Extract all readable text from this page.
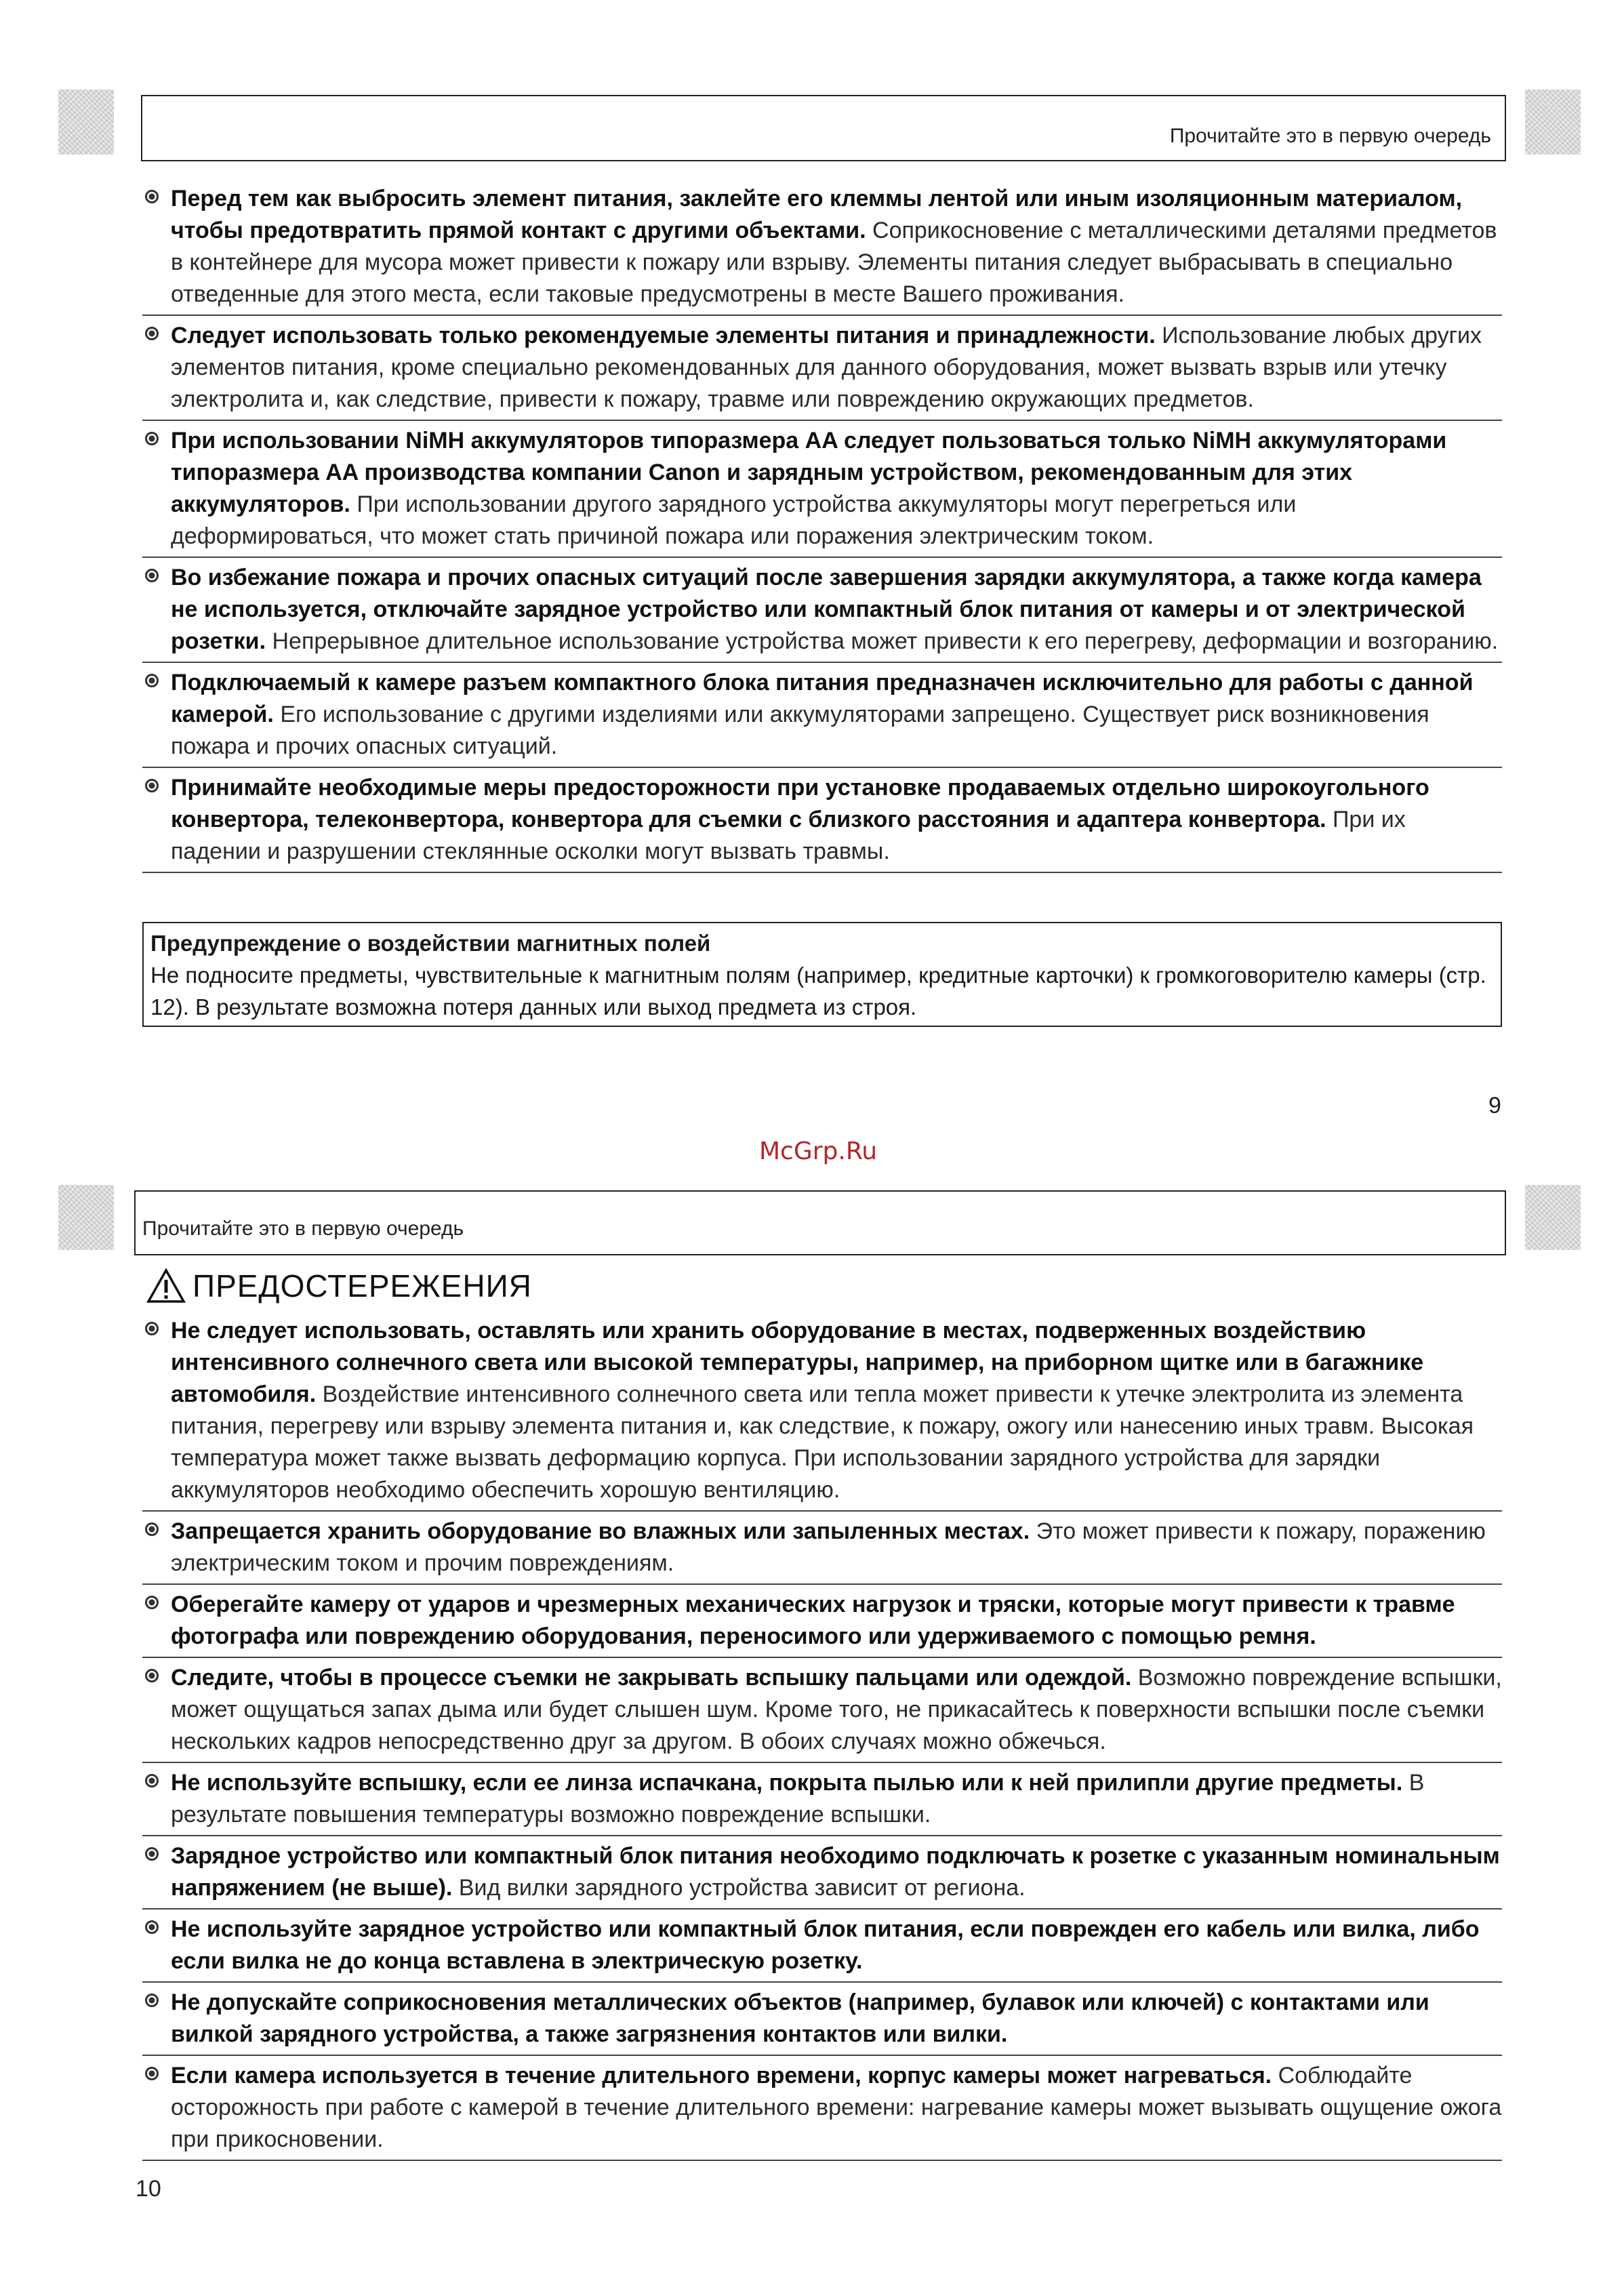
Прочитайте это в первую очередь
Перед тем как выбросить элемент питания, заклейте его клеммы лентой или иным изоляционным материалом, чтобы предотвратить прямой контакт с другими объектами. Соприкосновение с металлическими деталями предметов в контейнере для мусора может привести к пожару или взрыву. Элементы питания следует выбрасывать в специально отведенные для этого места, если таковые предусмотрены в месте Вашего проживания.
Следует использовать только рекомендуемые элементы питания и принадлежности. Использование любых других элементов питания, кроме специально рекомендованных для данного оборудования, может вызвать взрыв или утечку электролита и, как следствие, привести к пожару, травме или повреждению окружающих предметов.
При использовании NiMH аккумуляторов типоразмера AA следует пользоваться только NiMH аккумуляторами типоразмера AA производства компании Canon и зарядным устройством, рекомендованным для этих аккумуляторов. При использовании другого зарядного устройства аккумуляторы могут перегреться или деформироваться, что может стать причиной пожара или поражения электрическим током.
Во избежание пожара и прочих опасных ситуаций после завершения зарядки аккумулятора, а также когда камера не используется, отключайте зарядное устройство или компактный блок питания от камеры и от электрической розетки. Непрерывное длительное использование устройства может привести к его перегреву, деформации и возгоранию.
Подключаемый к камере разъем компактного блока питания предназначен исключительно для работы с данной камерой. Его использование с другими изделиями или аккумуляторами запрещено. Существует риск возникновения пожара и прочих опасных ситуаций.
Принимайте необходимые меры предосторожности при установке продаваемых отдельно широкоугольного конвертора, телеконвертора, конвертора для съемки с близкого расстояния и адаптера конвертора. При их падении и разрушении стеклянные осколки могут вызвать травмы.
Предупреждение о воздействии магнитных полей
Не подносите предметы, чувствительные к магнитным полям (например, кредитные карточки) к громкоговорителю камеры (стр. 12). В результате возможна потеря данных или выход предмета из строя.
9
McGrp.Ru
Прочитайте это в первую очередь
ПРЕДОСТЕРЕЖЕНИЯ
Не следует использовать, оставлять или хранить оборудование в местах, подверженных воздействию интенсивного солнечного света или высокой температуры, например, на приборном щитке или в багажнике автомобиля. Воздействие интенсивного солнечного света или тепла может привести к утечке электролита из элемента питания, перегреву или взрыву элемента питания и, как следствие, к пожару, ожогу или нанесению иных травм. Высокая температура может также вызвать деформацию корпуса. При использовании зарядного устройства для зарядки аккумуляторов необходимо обеспечить хорошую вентиляцию.
Запрещается хранить оборудование во влажных или запыленных местах. Это может привести к пожару, поражению электрическим током и прочим повреждениям.
Оберегайте камеру от ударов и чрезмерных механических нагрузок и тряски, которые могут привести к травме фотографа или повреждению оборудования, переносимого или удерживаемого с помощью ремня.
Следите, чтобы в процессе съемки не закрывать вспышку пальцами или одеждой. Возможно повреждение вспышки, может ощущаться запах дыма или будет слышен шум. Кроме того, не прикасайтесь к поверхности вспышки после съемки нескольких кадров непосредственно друг за другом. В обоих случаях можно обжечься.
Не используйте вспышку, если ее линза испачкана, покрыта пылью или к ней прилипли другие предметы. В результате повышения температуры возможно повреждение вспышки.
Зарядное устройство или компактный блок питания необходимо подключать к розетке с указанным номинальным напряжением (не выше). Вид вилки зарядного устройства зависит от региона.
Не используйте зарядное устройство или компактный блок питания, если поврежден его кабель или вилка, либо если вилка не до конца вставлена в электрическую розетку.
Не допускайте соприкосновения металлических объектов (например, булавок или ключей) с контактами или вилкой зарядного устройства, а также загрязнения контактов или вилки.
Если камера используется в течение длительного времени, корпус камеры может нагреваться. Соблюдайте осторожность при работе с камерой в течение длительного времени: нагревание камеры может вызывать ощущение ожога при прикосновении.
10
